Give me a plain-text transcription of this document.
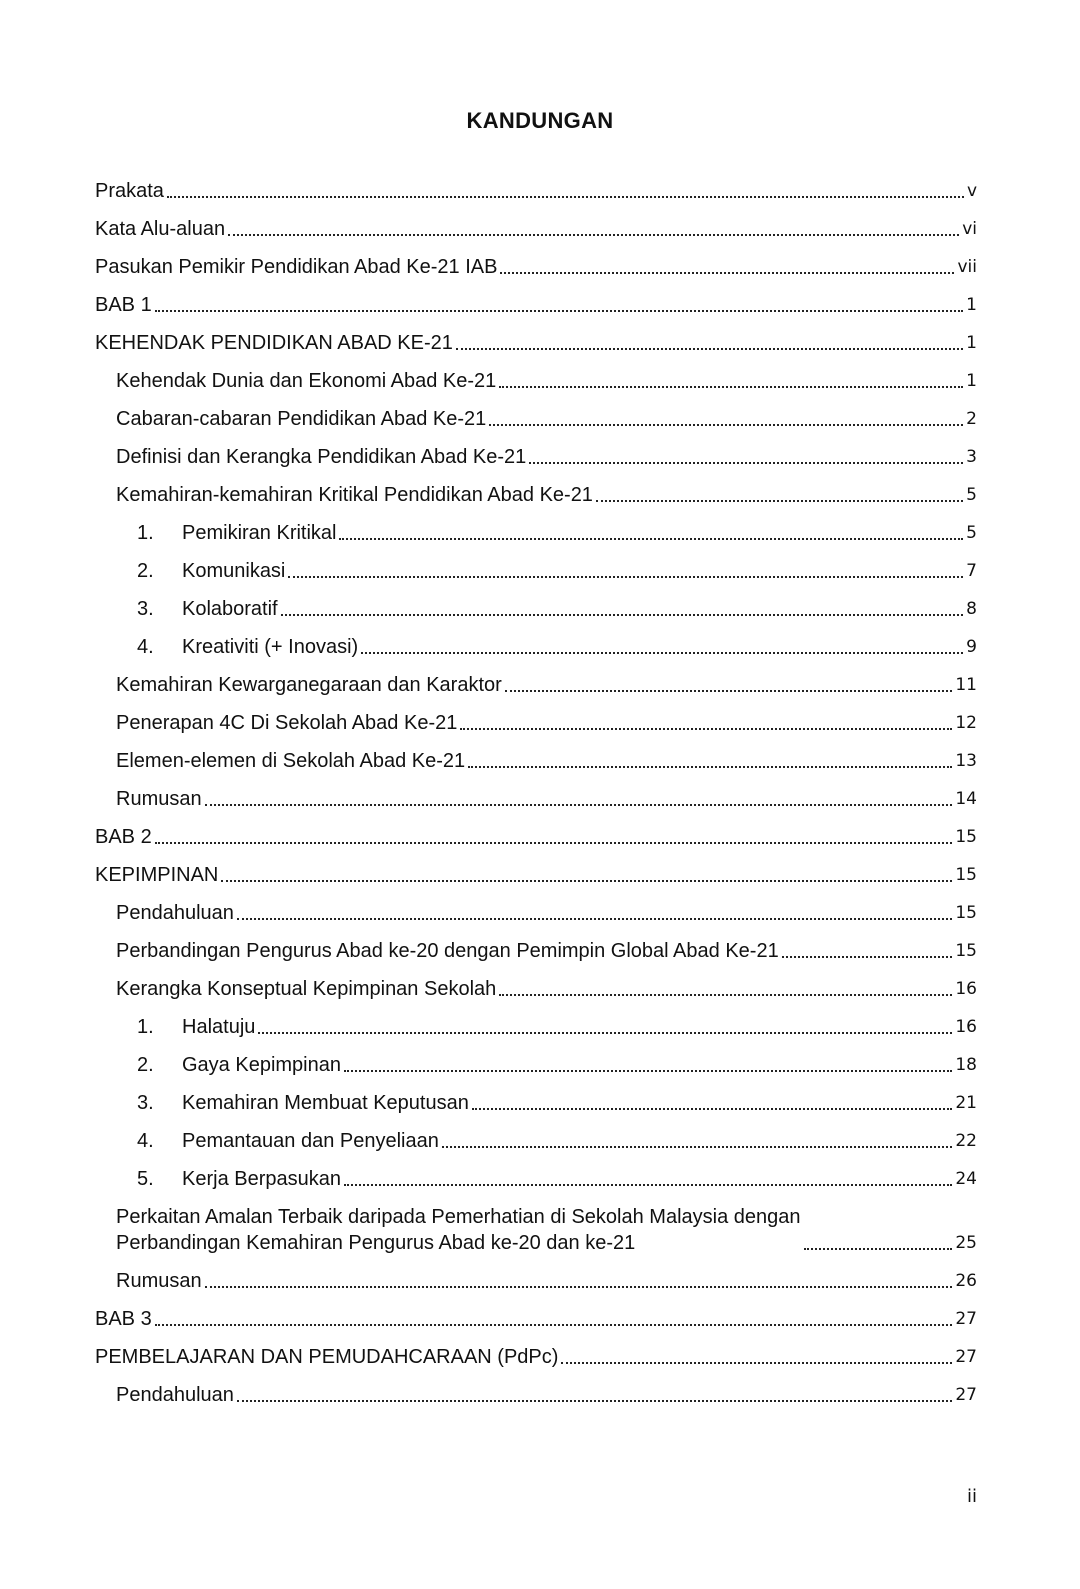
KANDUNGAN
Prakata	v
Kata Alu-aluan	vi
Pasukan Pemikir Pendidikan Abad Ke-21 IAB	vii
BAB 1	1
KEHENDAK PENDIDIKAN ABAD KE-21	1
Kehendak Dunia dan Ekonomi Abad Ke-21	1
Cabaran-cabaran Pendidikan Abad Ke-21	2
Definisi dan Kerangka Pendidikan Abad Ke-21	3
Kemahiran-kemahiran Kritikal Pendidikan Abad Ke-21	5
1.	Pemikiran Kritikal	5
2.	Komunikasi	7
3.	Kolaboratif	8
4.	Kreativiti (+ Inovasi)	9
Kemahiran Kewarganegaraan dan Karaktor	11
Penerapan 4C Di Sekolah Abad Ke-21	12
Elemen-elemen di Sekolah Abad Ke-21	13
Rumusan	14
BAB 2	15
KEPIMPINAN	15
Pendahuluan	15
Perbandingan Pengurus Abad ke-20 dengan Pemimpin Global Abad Ke-21	15
Kerangka Konseptual Kepimpinan Sekolah	16
1.	Halatuju	16
2.	Gaya Kepimpinan	18
3.	Kemahiran Membuat Keputusan	21
4.	Pemantauan dan Penyeliaan	22
5.	Kerja Berpasukan	24
Perkaitan Amalan Terbaik daripada Pemerhatian di Sekolah Malaysia dengan
Perbandingan Kemahiran Pengurus Abad ke-20 dan ke-21	25
Rumusan	26
BAB 3	27
PEMBELAJARAN DAN PEMUDAHCARAAN (PdPc)	27
Pendahuluan	27
ii
